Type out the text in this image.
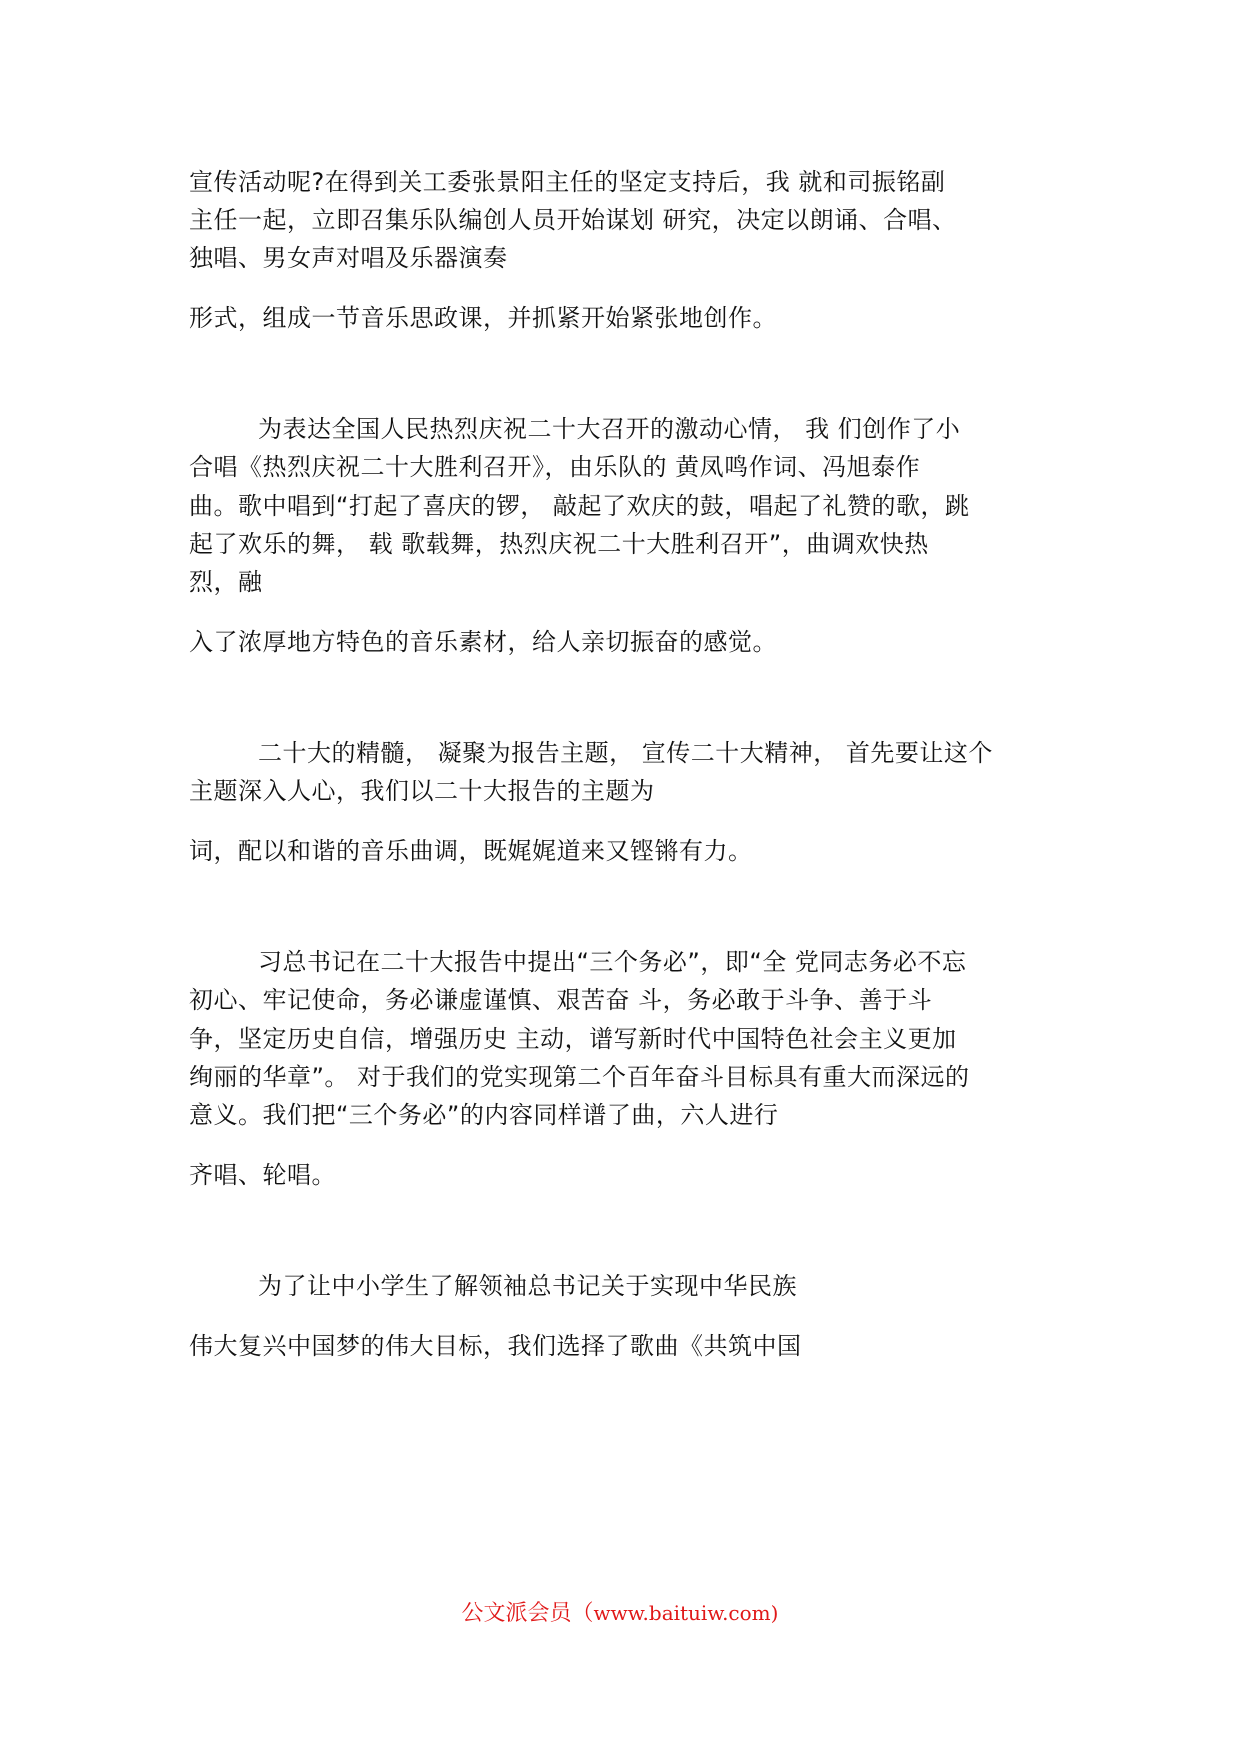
宣传活动呢?在得到关工委张景阳主任的坚定支持后，我 就和司振铭副
主任一起，立即召集乐队编创人员开始谋划 研究，决定以朗诵、合唱、
独唱、男女声对唱及乐器演奏
形式，组成一节音乐思政课，并抓紧开始紧张地创作。
为表达全国人民热烈庆祝二十大召开的激动心情， 我 们创作了小
合唱《热烈庆祝二十大胜利召开》，由乐队的 黄凤鸣作词、冯旭泰作
曲。歌中唱到“打起了喜庆的锣， 敲起了欢庆的鼓，唱起了礼赞的歌，跳
起了欢乐的舞， 载 歌载舞，热烈庆祝二十大胜利召开”，曲调欢快热
烈，融
入了浓厚地方特色的音乐素材，给人亲切振奋的感觉。
二十大的精髓， 凝聚为报告主题， 宣传二十大精神， 首先要让这个
主题深入人心，我们以二十大报告的主题为
词，配以和谐的音乐曲调，既娓娓道来又铿锵有力。
习总书记在二十大报告中提出“三个务必”，即“全 党同志务必不忘
初心、牢记使命，务必谦虚谨慎、艰苦奋 斗，务必敢于斗争、善于斗
争，坚定历史自信，增强历史 主动，谱写新时代中国特色社会主义更加
绚丽的华章”。 对于我们的党实现第二个百年奋斗目标具有重大而深远的
意义。我们把“三个务必”的内容同样谱了曲，六人进行
齐唱、轮唱。
为了让中小学生了解领袖总书记关于实现中华民族
伟大复兴中国梦的伟大目标，我们选择了歌曲《共筑中国
公文派会员（www.baituiw.com)
